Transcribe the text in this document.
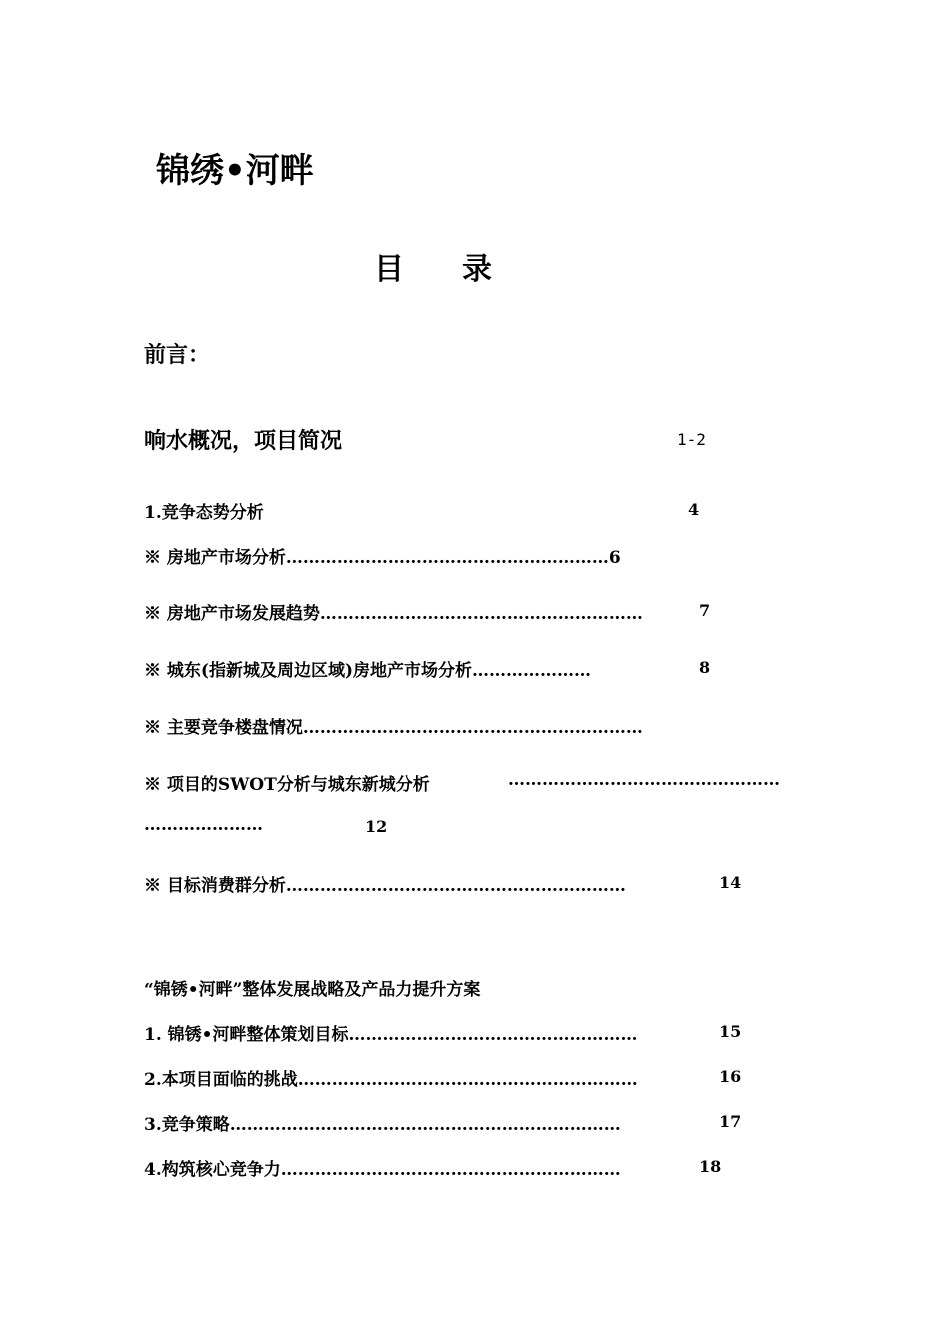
锦绣•河畔
目录
前言：
响水概况，项目简况	1-2
1.竞争态势分析	4
※ 房地产市场分析…………………………………………………6
※ 房地产市场发展趋势…………………………………………………	7
※ 城东(指新城及周边区域)房地产市场分析…………………	8
※ 主要竞争楼盘情况……………………………………………………
※ 项目的SWOT分析与城东新城分析	…………………………………………
…………………	12
※ 目标消费群分析……………………………………………………	14
“锦锈•河畔”整体发展战略及产品力提升方案
1. 锦锈•河畔整体策划目标……………………………………………	15
2.本项目面临的挑战……………………………………………………	16
3.竞争策略……………………………………………………………	17
4.构筑核心竞争力……………………………………………………	18
